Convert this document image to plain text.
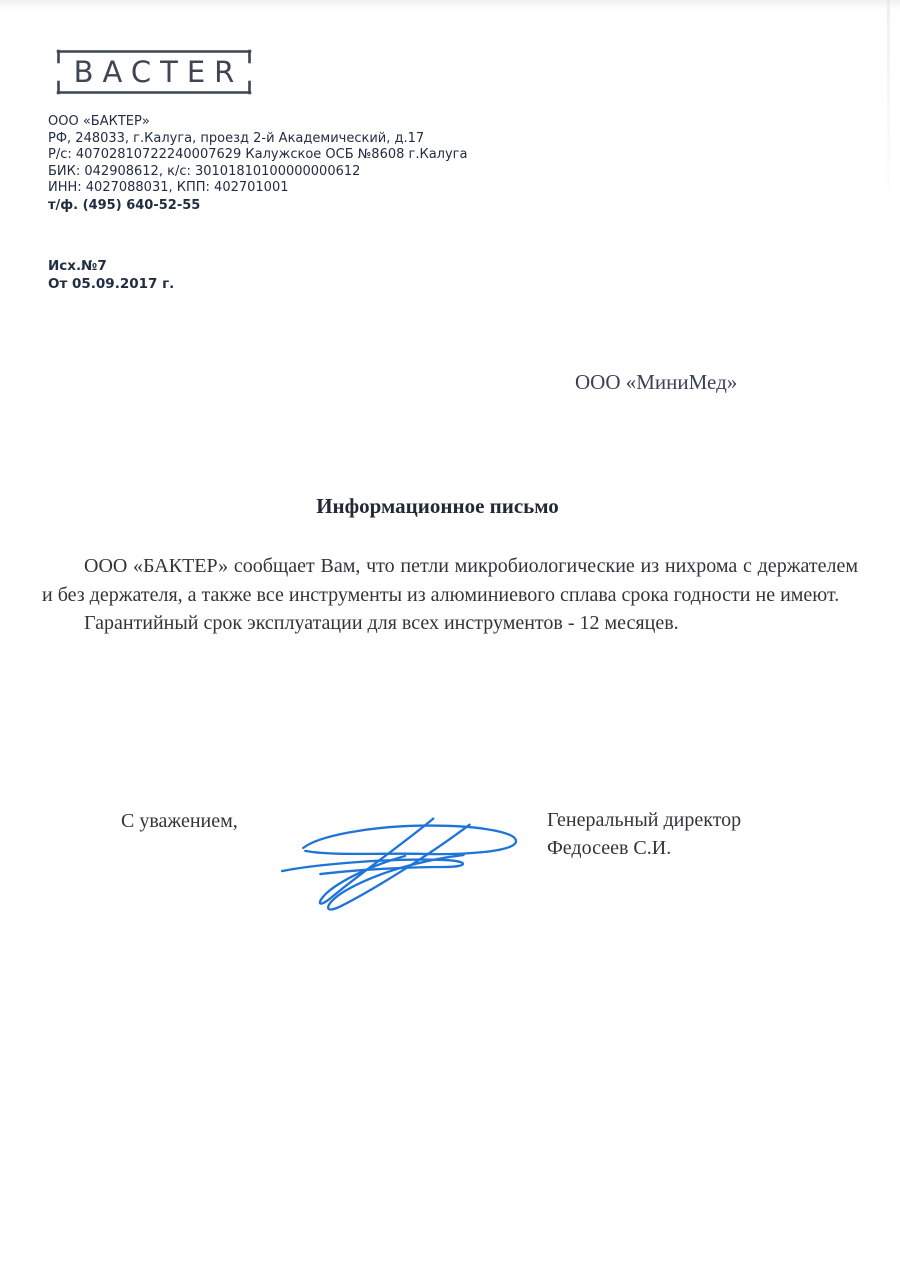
BACTER
ООО «БАКТЕР»
РФ, 248033, г.Калуга, проезд 2-й Академический, д.17
Р/с: 40702810722240007629 Калужское ОСБ №8608 г.Калуга
БИК: 042908612, к/с: 30101810100000000612
ИНН: 4027088031, КПП: 402701001
т/ф. (495) 640-52-55
Исх.№7
От 05.09.2017 г.
ООО «МиниМед»
Информационное письмо

ООО «БАКТЕР» сообщает Вам, что петли микробиологические из нихрома с держателем и без держателя, а также все инструменты из алюминиевого сплава срока годности не имеют.

Гарантийный срок эксплуатации для всех инструментов - 12 месяцев.

С уважением,	Генеральный директор
Федосеев С.И.
